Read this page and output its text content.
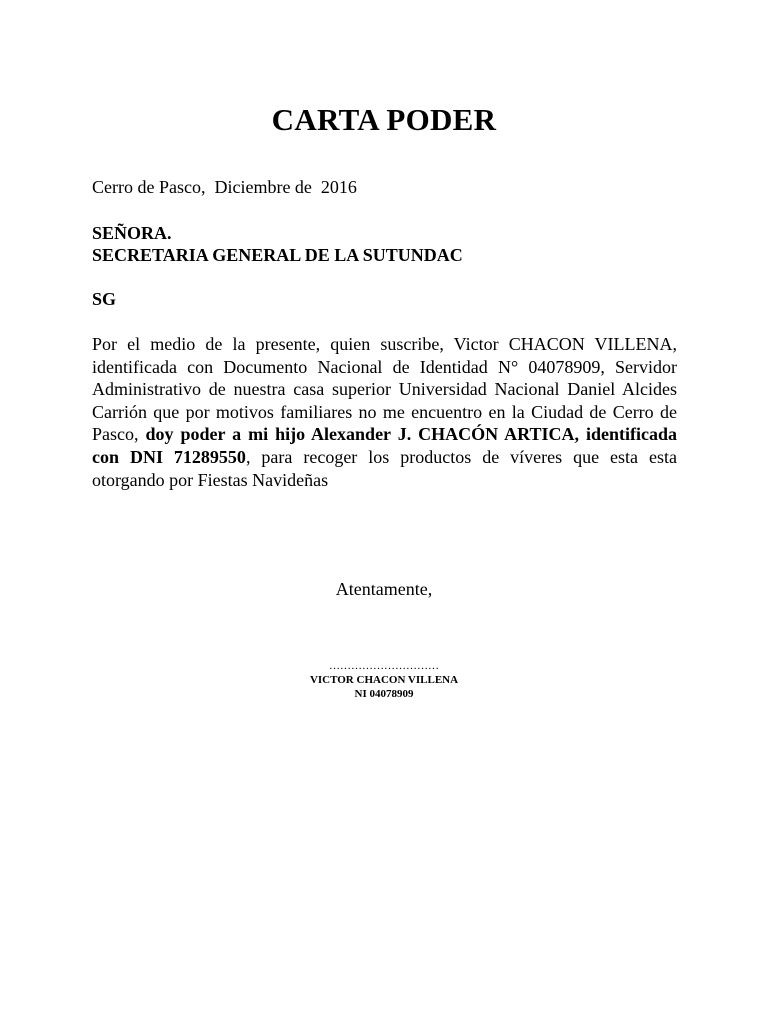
CARTA PODER
Cerro de Pasco,  Diciembre de  2016
SEÑORA.
SECRETARIA GENERAL DE LA SUTUNDAC
SG
Por el medio de la presente, quien suscribe, Victor CHACON VILLENA, identificada con Documento Nacional de Identidad N° 04078909, Servidor Administrativo de nuestra casa superior Universidad Nacional Daniel Alcides Carrión que por motivos familiares no me encuentro en la Ciudad de Cerro de Pasco, doy poder a mi hijo Alexander J. CHACÓN ARTICA, identificada con DNI 71289550, para recoger los productos de víveres que esta esta otorgando por Fiestas Navideñas
Atentamente,
…………………………
VICTOR CHACON VILLENA
NI 04078909
